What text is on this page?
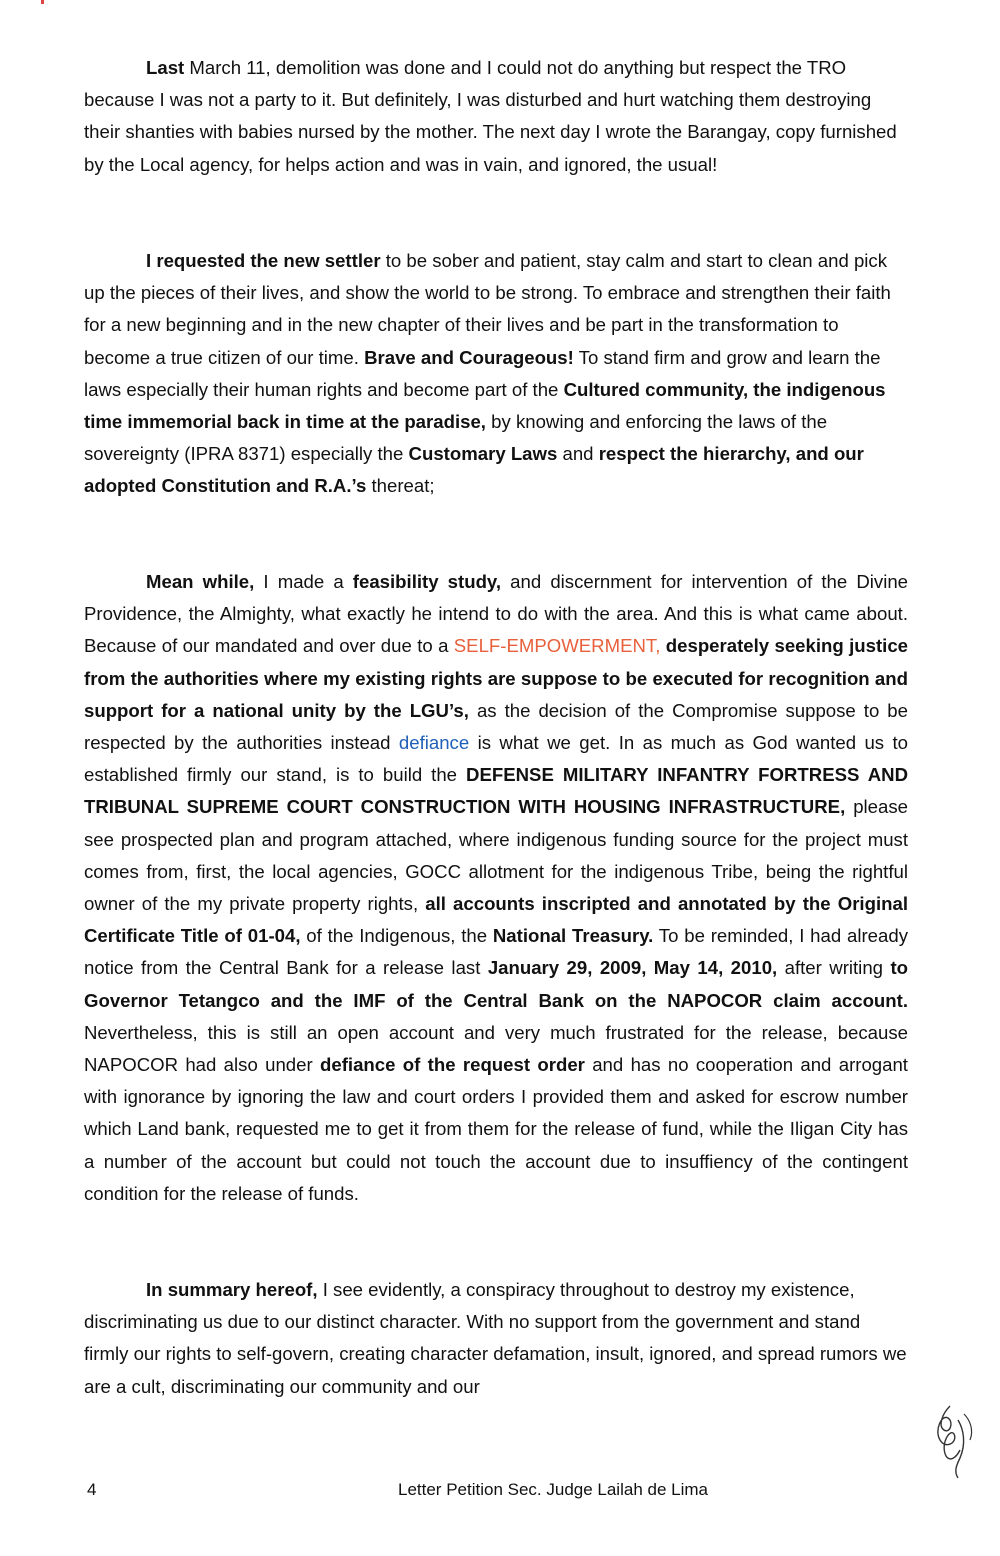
Last March 11, demolition was done and I could not do anything but respect the TRO because I was not a party to it. But definitely, I was disturbed and hurt watching them destroying their shanties with babies nursed by the mother. The next day I wrote the Barangay, copy furnished by the Local agency, for helps action and was in vain, and ignored, the usual!

I requested the new settler to be sober and patient, stay calm and start to clean and pick up the pieces of their lives, and show the world to be strong. To embrace and strengthen their faith for a new beginning and in the new chapter of their lives and be part in the transformation to become a true citizen of our time. Brave and Courageous! To stand firm and grow and learn the laws especially their human rights and become part of the Cultured community, the indigenous time immemorial back in time at the paradise, by knowing and enforcing the laws of the sovereignty (IPRA 8371) especially the Customary Laws and respect the hierarchy, and our adopted Constitution and R.A.’s thereat;

Mean while, I made a feasibility study, and discernment for intervention of the Divine Providence, the Almighty, what exactly he intend to do with the area. And this is what came about. Because of our mandated and over due to a SELF-EMPOWERMENT, desperately seeking justice from the authorities where my existing rights are suppose to be executed for recognition and support for a national unity by the LGU’s, as the decision of the Compromise suppose to be respected by the authorities instead defiance is what we get. In as much as God wanted us to established firmly our stand, is to build the DEFENSE MILITARY INFANTRY FORTRESS AND TRIBUNAL SUPREME COURT CONSTRUCTION WITH HOUSING INFRASTRUCTURE, please see prospected plan and program attached, where indigenous funding source for the project must comes from, first, the local agencies, GOCC allotment for the indigenous Tribe, being the rightful owner of the my private property rights, all accounts inscripted and annotated by the Original Certificate Title of 01-04, of the Indigenous, the National Treasury. To be reminded, I had already notice from the Central Bank for a release last January 29, 2009, May 14, 2010, after writing to Governor Tetangco and the IMF of the Central Bank on the NAPOCOR claim account. Nevertheless, this is still an open account and very much frustrated for the release, because NAPOCOR had also under defiance of the request order and has no cooperation and arrogant with ignorance by ignoring the law and court orders I provided them and asked for escrow number which Land bank, requested me to get it from them for the release of fund, while the Iligan City has a number of the account but could not touch the account due to insuffiency of the contingent condition for the release of funds.

In summary hereof, I see evidently, a conspiracy throughout to destroy my existence, discriminating us due to our distinct character. With no support from the government and stand firmly our rights to self-govern, creating character defamation, insult, ignored, and spread rumors we are a cult, discriminating our community and our

4	Letter Petition Sec. Judge Lailah de Lima
